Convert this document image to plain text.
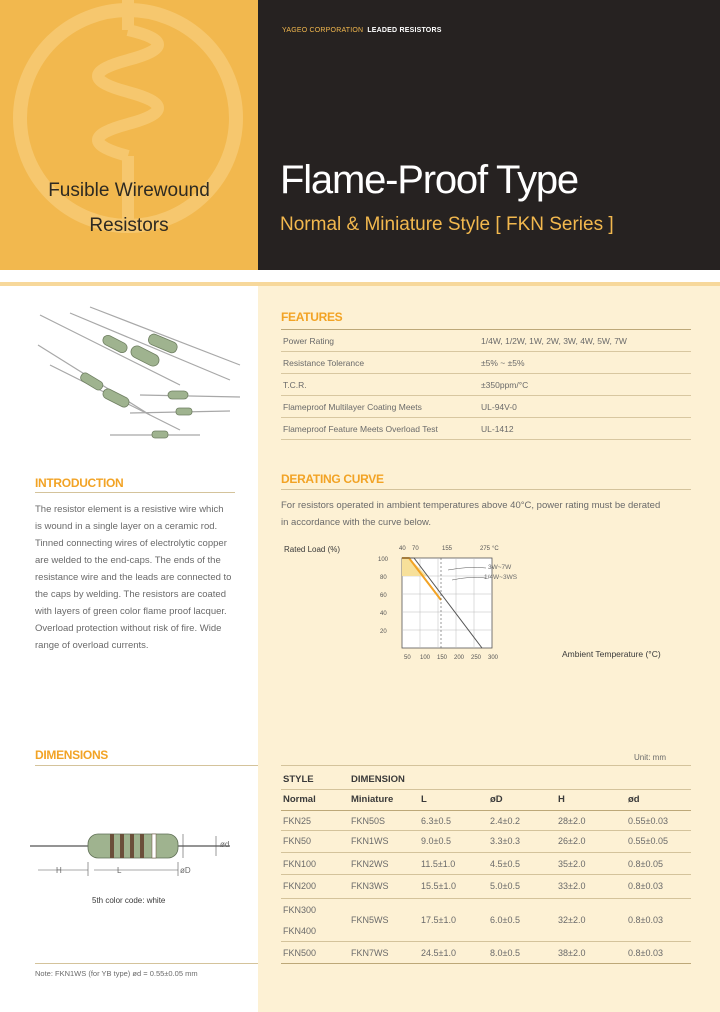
Fusible Wirewound
Resistors
YAGEO CORPORATION LEADED RESISTORS
Flame-Proof Type
Normal & Miniature Style [ FKN Series ]
FEATURES
Power Rating	1/4W, 1/2W, 1W, 2W, 3W, 4W, 5W, 7W
Resistance Tolerance	±5% ~ ±5%
T.C.R.	±350ppm/°C
Flameproof Multilayer Coating Meets	UL-94V-0
Flameproof Feature Meets Overload Test	UL-1412
INTRODUCTION

The resistor element is a resistive wire which

is wound in a single layer on a ceramic rod.

Tinned connecting wires of electrolytic copper

are welded to the end-caps. The ends of the

resistance wire and the leads are connected to

the caps by welding. The resistors are coated

with layers of green color flame proof lacquer.

Overload protection without risk of fire. Wide

range of overload currents.

DERATING CURVE
For resistors operated in ambient temperatures above 40°C, power rating must be derated
in accordance with the curve below.
Rated Load (%)
Ambient Temperature (°C)
40 70	155	275 °C
100
80
60
40
20
50 100 150 200 250 300
3W~7W
1/4W~3WS
DIMENSIONS	Unit: mm
STYLE	DIMENSION
Normal	Miniature	L	øD	H	ød
FKN25	FKN50S	6.3±0.5	2.4±0.2	28±2.0	0.55±0.03
FKN50	FKN1WS	9.0±0.5	3.3±0.3	26±2.0	0.55±0.05
FKN100	FKN2WS	11.5±1.0	4.5±0.5	35±2.0	0.8±0.05
FKN200	FKN3WS	15.5±1.0	5.0±0.5	33±2.0	0.8±0.03
FKN300
FKN400
FKN5WS	17.5±1.0	6.0±0.5	32±2.0	0.8±0.03
FKN500	FKN7WS	24.5±1.0	8.0±0.5	38±2.0	0.8±0.03
H	L	øD
ød
5th color code: white
Note: FKN1WS (for YB type) ød = 0.55±0.05 mm
